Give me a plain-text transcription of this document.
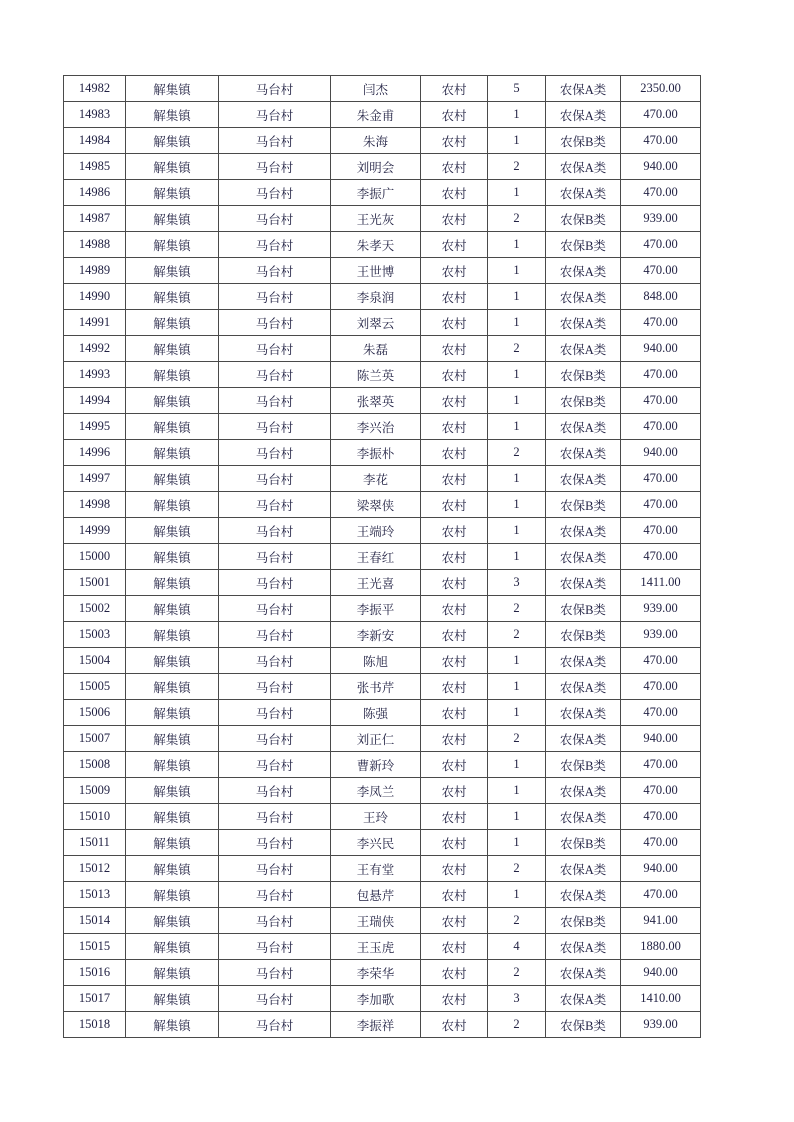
14982	解集镇	马台村	闫杰	农村	5	农保A类	2350.00
14983	解集镇	马台村	朱金甫	农村	1	农保A类	470.00
14984	解集镇	马台村	朱海	农村	1	农保B类	470.00
14985	解集镇	马台村	刘明会	农村	2	农保A类	940.00
14986	解集镇	马台村	李振广	农村	1	农保A类	470.00
14987	解集镇	马台村	王光灰	农村	2	农保B类	939.00
14988	解集镇	马台村	朱孝天	农村	1	农保B类	470.00
14989	解集镇	马台村	王世博	农村	1	农保A类	470.00
14990	解集镇	马台村	李泉润	农村	1	农保A类	848.00
14991	解集镇	马台村	刘翠云	农村	1	农保A类	470.00
14992	解集镇	马台村	朱磊	农村	2	农保A类	940.00
14993	解集镇	马台村	陈兰英	农村	1	农保B类	470.00
14994	解集镇	马台村	张翠英	农村	1	农保B类	470.00
14995	解集镇	马台村	李兴治	农村	1	农保A类	470.00
14996	解集镇	马台村	李振朴	农村	2	农保A类	940.00
14997	解集镇	马台村	李花	农村	1	农保A类	470.00
14998	解集镇	马台村	梁翠侠	农村	1	农保B类	470.00
14999	解集镇	马台村	王端玲	农村	1	农保A类	470.00
15000	解集镇	马台村	王春红	农村	1	农保A类	470.00
15001	解集镇	马台村	王光喜	农村	3	农保A类	1411.00
15002	解集镇	马台村	李振平	农村	2	农保B类	939.00
15003	解集镇	马台村	李新安	农村	2	农保B类	939.00
15004	解集镇	马台村	陈旭	农村	1	农保A类	470.00
15005	解集镇	马台村	张书芹	农村	1	农保A类	470.00
15006	解集镇	马台村	陈强	农村	1	农保A类	470.00
15007	解集镇	马台村	刘正仁	农村	2	农保A类	940.00
15008	解集镇	马台村	曹新玲	农村	1	农保B类	470.00
15009	解集镇	马台村	李凤兰	农村	1	农保A类	470.00
15010	解集镇	马台村	王玲	农村	1	农保A类	470.00
15011	解集镇	马台村	李兴民	农村	1	农保B类	470.00
15012	解集镇	马台村	王有堂	农村	2	农保A类	940.00
15013	解集镇	马台村	包悬芹	农村	1	农保A类	470.00
15014	解集镇	马台村	王瑞侠	农村	2	农保B类	941.00
15015	解集镇	马台村	王玉虎	农村	4	农保A类	1880.00
15016	解集镇	马台村	李荣华	农村	2	农保A类	940.00
15017	解集镇	马台村	李加歌	农村	3	农保A类	1410.00
15018	解集镇	马台村	李振祥	农村	2	农保B类	939.00
